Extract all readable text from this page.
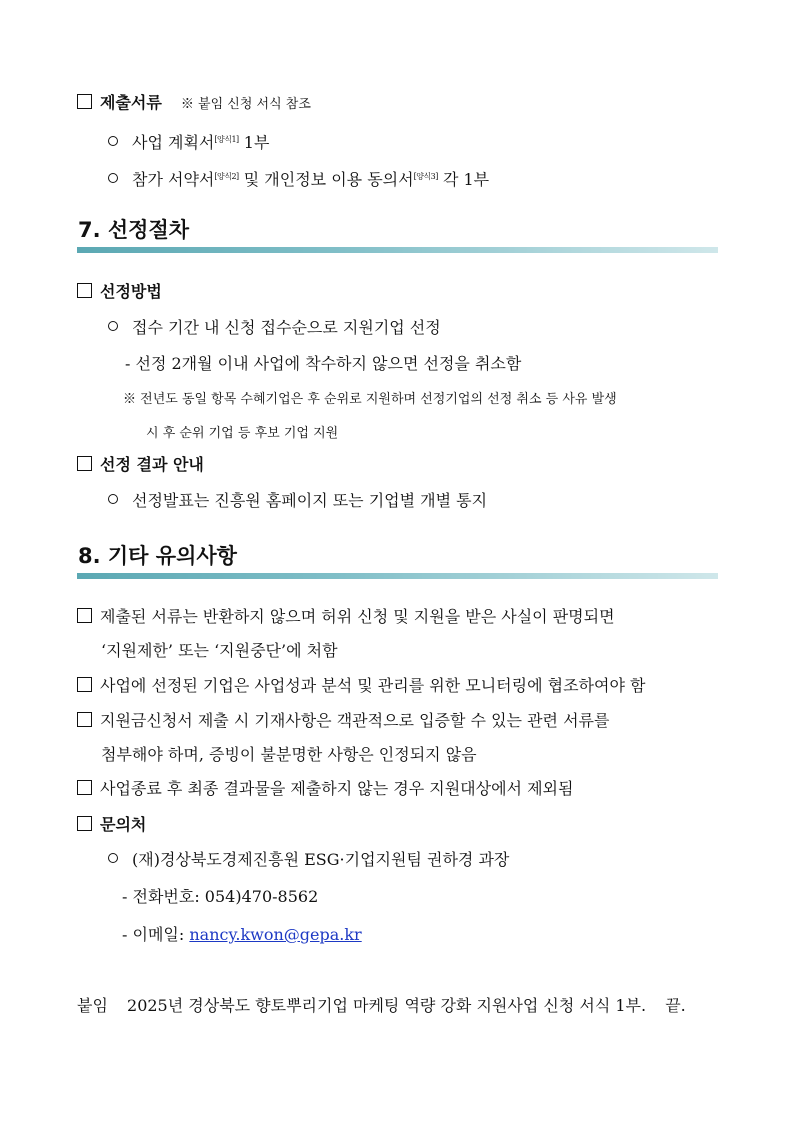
제출서류 ※ 붙임 신청 서식 참조
사업 계획서[양식1] 1부
참가 서약서[양식2] 및 개인정보 이용 동의서[양식3] 각 1부
7. 선정절차
선정방법
접수 기간 내 신청 접수순으로 지원기업 선정
- 선정 2개월 이내 사업에 착수하지 않으면 선정을 취소함
※ 전년도 동일 항목 수혜기업은 후 순위로 지원하며 선정기업의 선정 취소 등 사유 발생
시 후 순위 기업 등 후보 기업 지원
선정 결과 안내
선정발표는 진흥원 홈페이지 또는 기업별 개별 통지
8. 기타 유의사항
제출된 서류는 반환하지 않으며 허위 신청 및 지원을 받은 사실이 판명되면
‘지원제한’ 또는 ‘지원중단’에 처함
사업에 선정된 기업은 사업성과 분석 및 관리를 위한 모니터링에 협조하여야 함
지원금신청서 제출 시 기재사항은 객관적으로 입증할 수 있는 관련 서류를
첨부해야 하며, 증빙이 불분명한 사항은 인정되지 않음
사업종료 후 최종 결과물을 제출하지 않는 경우 지원대상에서 제외됨
문의처
(재)경상북도경제진흥원 ESG·기업지원팀 권하경 과장
- 전화번호: 054)470-8562
- 이메일: nancy.kwon@gepa.kr
붙임 2025년 경상북도 향토뿌리기업 마케팅 역량 강화 지원사업 신청 서식 1부. 끝.
